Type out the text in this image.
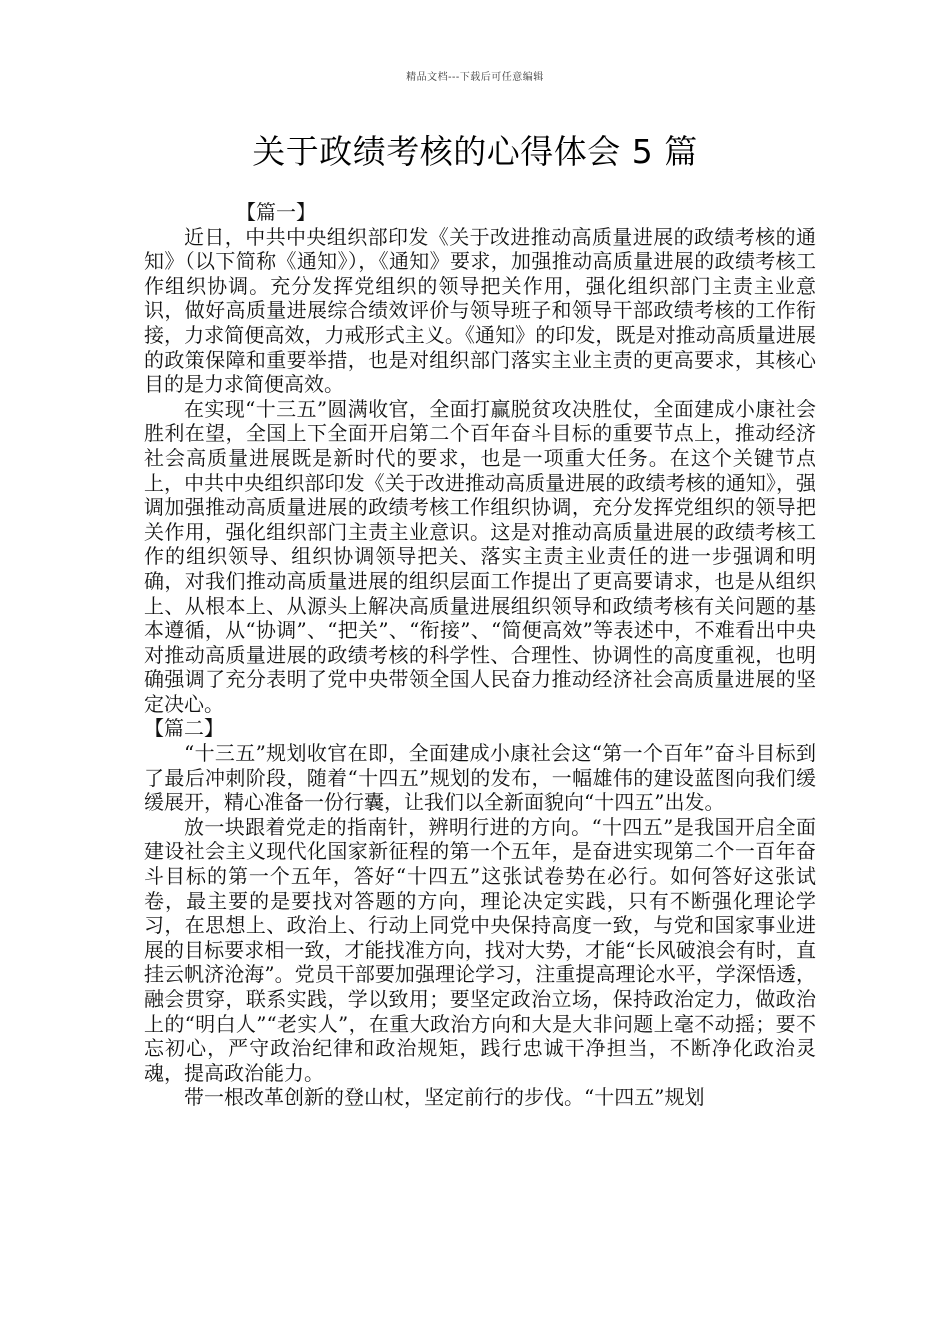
精品文档---下载后可任意编辑
关于政绩考核的心得体会 5 篇

【篇一】

近日，中共中央组织部印发《关于改进推动高质量进展的政绩考核的通知》（以下简称《通知》），《通知》要求，加强推动高质量进展的政绩考核工作组织协调。充分发挥党组织的领导把关作用，强化组织部门主责主业意识，做好高质量进展综合绩效评价与领导班子和领导干部政绩考核的工作衔接，力求简便高效，力戒形式主义。《通知》的印发，既是对推动高质量进展的政策保障和重要举措，也是对组织部门落实主业主责的更高要求，其核心目的是力求简便高效。

在实现“十三五”圆满收官，全面打赢脱贫攻决胜仗，全面建成小康社会胜利在望，全国上下全面开启第二个百年奋斗目标的重要节点上，推动经济社会高质量进展既是新时代的要求，也是一项重大任务。在这个关键节点上，中共中央组织部印发《关于改进推动高质量进展的政绩考核的通知》，强调加强推动高质量进展的政绩考核工作组织协调，充分发挥党组织的领导把关作用，强化组织部门主责主业意识。这是对推动高质量进展的政绩考核工作的组织领导、组织协调领导把关、落实主责主业责任的进一步强调和明确，对我们推动高质量进展的组织层面工作提出了更高要请求，也是从组织上、从根本上、从源头上解决高质量进展组织领导和政绩考核有关问题的基本遵循，从“协调”、“把关”、“衔接”、“简便高效”等表述中，不难看出中央对推动高质量进展的政绩考核的科学性、合理性、协调性的高度重视，也明确强调了充分表明了党中央带领全国人民奋力推动经济社会高质量进展的坚定决心。

【篇二】

“十三五”规划收官在即，全面建成小康社会这“第一个百年”奋斗目标到了最后冲刺阶段，随着“十四五”规划的发布，一幅雄伟的建设蓝图向我们缓缓展开，精心准备一份行囊，让我们以全新面貌向“十四五”出发。

放一块跟着党走的指南针，辨明行进的方向。“十四五”是我国开启全面建设社会主义现代化国家新征程的第一个五年，是奋进实现第二个一百年奋斗目标的第一个五年，答好“十四五”这张试卷势在必行。如何答好这张试卷，最主要的是要找对答题的方向，理论决定实践，只有不断强化理论学习，在思想上、政治上、行动上同党中央保持高度一致，与党和国家事业进展的目标要求相一致，才能找准方向，找对大势，才能“长风破浪会有时，直挂云帆济沧海”。党员干部要加强理论学习，注重提高理论水平，学深悟透，融会贯穿，联系实践，学以致用；要坚定政治立场，保持政治定力，做政治上的“明白人”“老实人”，在重大政治方向和大是大非问题上毫不动摇；要不忘初心，严守政治纪律和政治规矩，践行忠诚干净担当，不断净化政治灵魂，提高政治能力。

带一根改革创新的登山杖，坚定前行的步伐。“十四五”规划
